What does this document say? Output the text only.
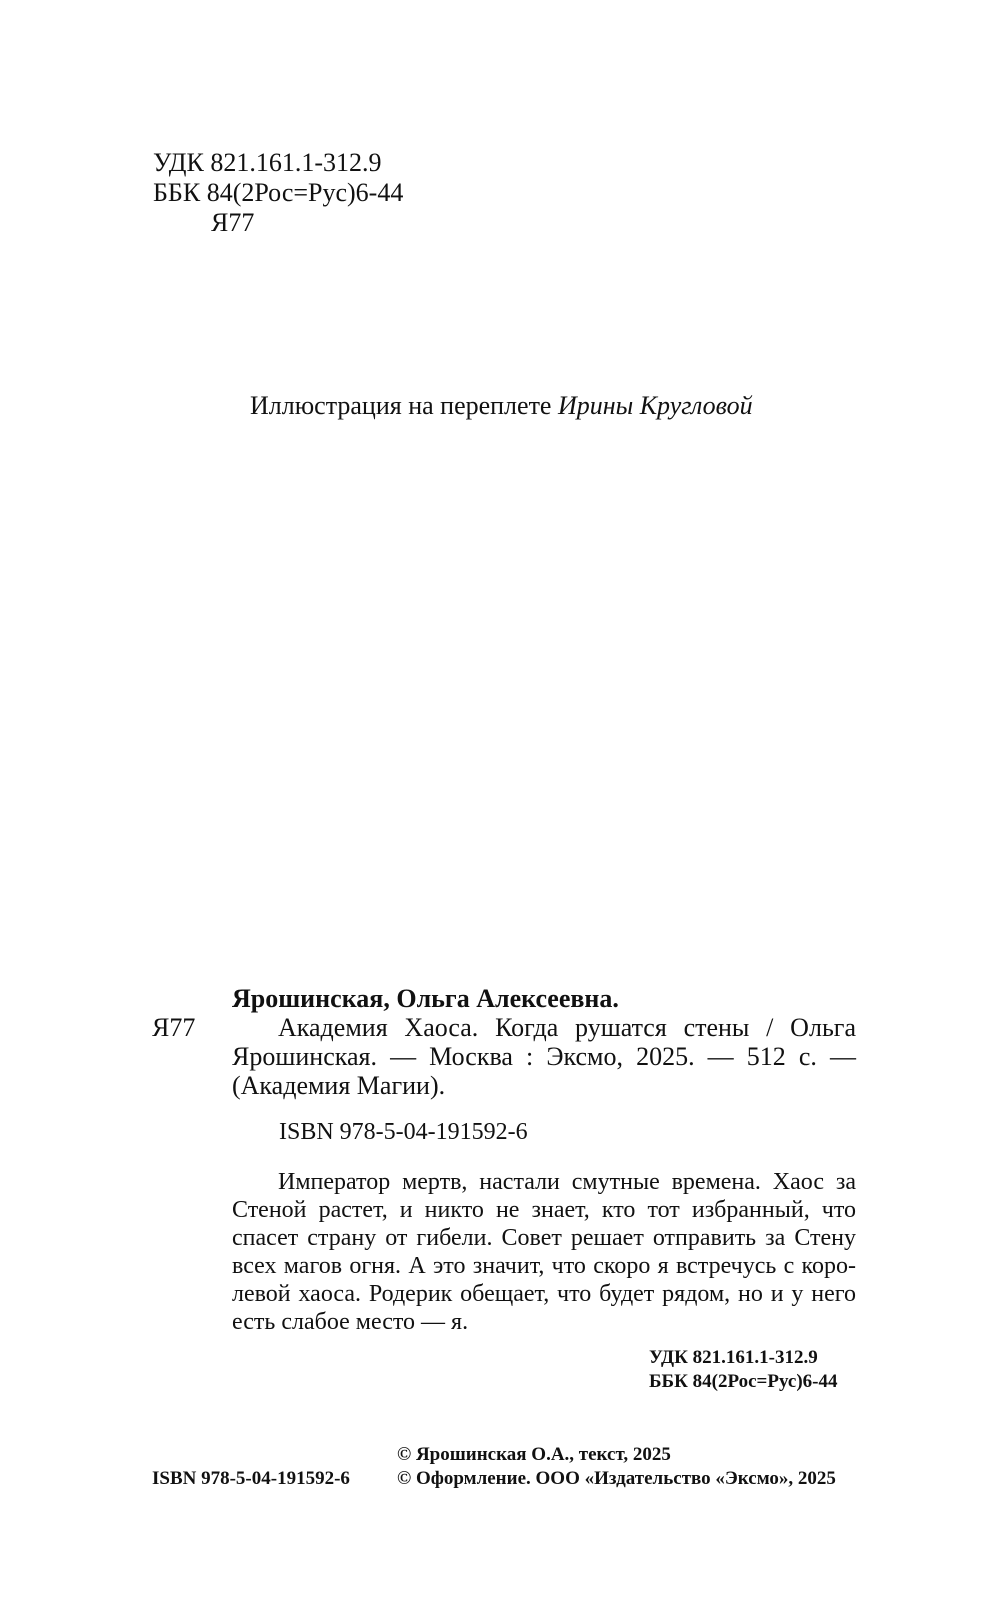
УДК 821.161.1-312.9
ББК 84(2Рос=Рус)6-44
Я77
Иллюстрация на переплете Ирины Кругловой
Ярошинская, Ольга Алексеевна.
Я77	Академия Хаоса. Когда рушатся стены / Ольга
Ярошинская. — Москва : Эксмо, 2025. — 512 с. —
(Академия Магии).
ISBN 978-5-04-191592-6
Император мертв, настали смутные времена. Хаос за
Стеной растет, и никто не знает, кто тот избранный, что
спасет страну от гибели. Совет решает отправить за Стену
всех магов огня. А это значит, что скоро я встречусь с коро-
левой хаоса. Родерик обещает, что будет рядом, но и у него
есть слабое место — я.
УДК 821.161.1-312.9
ББК 84(2Рос=Рус)6-44
© Ярошинская О.А., текст, 2025
ISBN 978-5-04-191592-6 © Оформление. ООО «Издательство «Эксмо», 2025
